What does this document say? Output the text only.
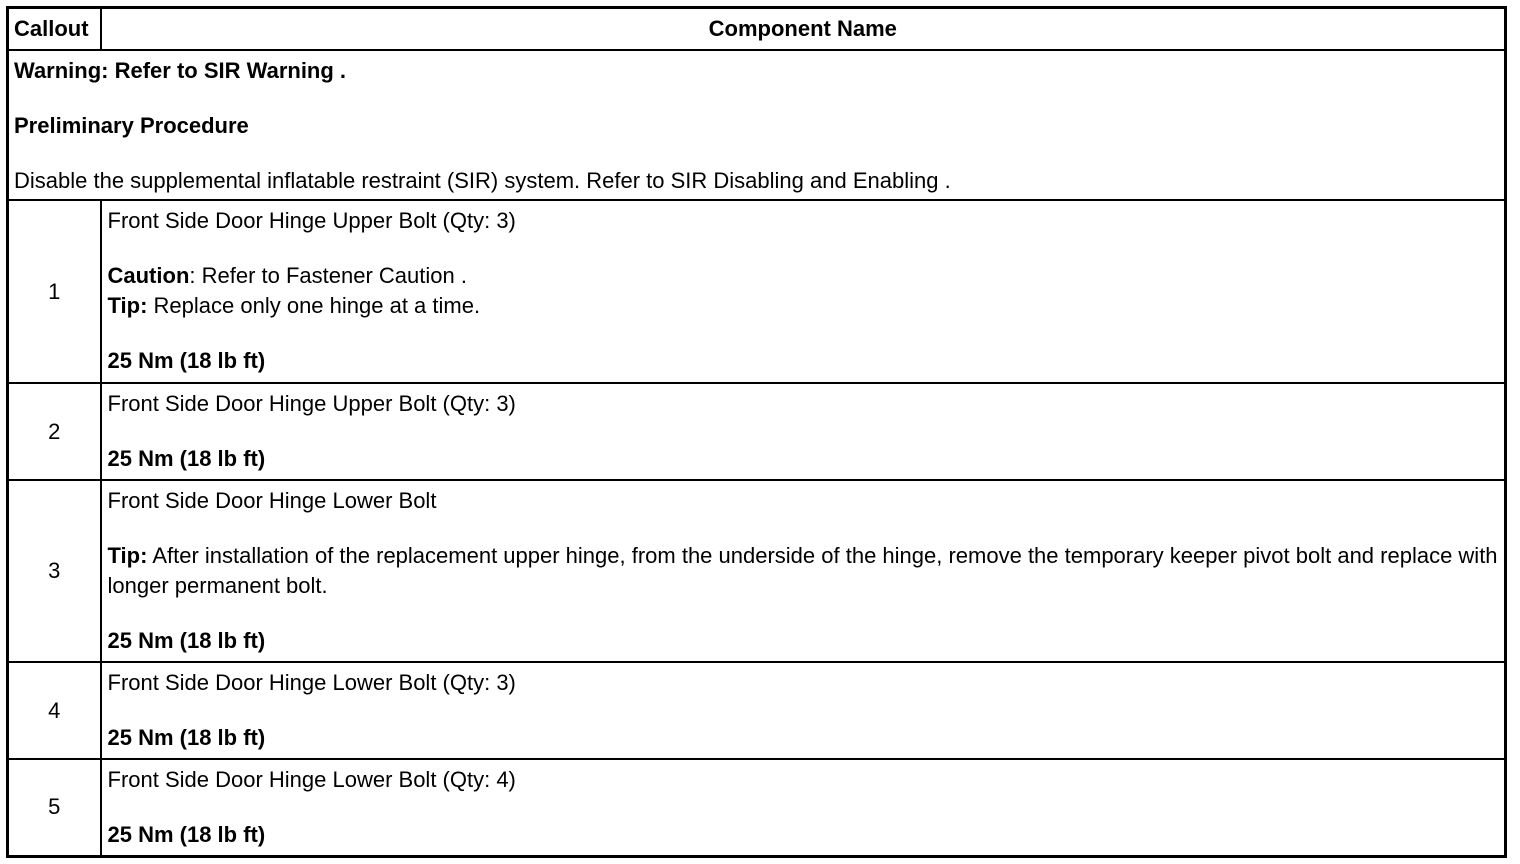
Callout	Component Name

Warning: Refer to SIR Warning .

Preliminary Procedure

Disable the supplemental inflatable restraint (SIR) system. Refer to SIR Disabling and Enabling .	

1	Front Side Door Hinge Upper Bolt (Qty: 3)
Caution: Refer to Fastener Caution .
Tip: Replace only one hinge at a time.
25 Nm (18 lb ft)

2	Front Side Door Hinge Upper Bolt (Qty: 3)
25 Nm (18 lb ft)

3	Front Side Door Hinge Lower Bolt
Tip: After installation of the replacement upper hinge, from the underside of the hinge, remove the temporary keeper pivot bolt and replace with longer permanent bolt.
25 Nm (18 lb ft)

4	Front Side Door Hinge Lower Bolt (Qty: 3)
25 Nm (18 lb ft)

5	Front Side Door Hinge Lower Bolt (Qty: 4)
25 Nm (18 lb ft)
